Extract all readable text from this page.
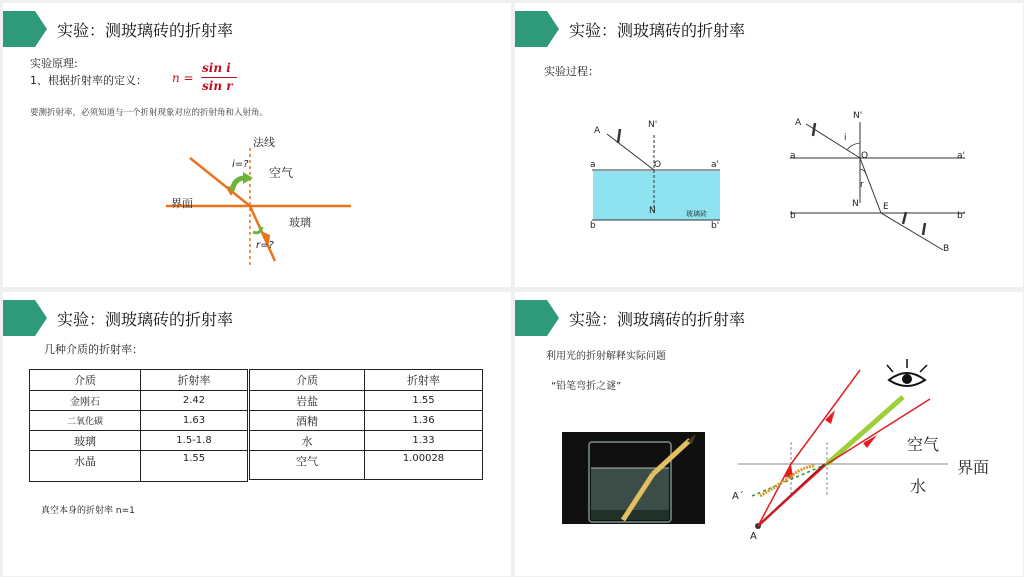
实验：测玻璃砖的折射率
实验原理:
1、根据折射率的定义： n =
sin i
sin r
要测折射率，必须知道与一个折射现象对应的折射角和入射角。
法线
i=?
空气
界面
玻璃
r=?
实验：测玻璃砖的折射率
实验过程：
A
N'
a	O	a'
N	玻璃砖
b	b'
A
N'
i
a	O	a'
r
N	E
b	b'
B
实验：测玻璃砖的折射率
几种介质的折射率：
介质	折射率
金刚石	2.42
二氧化碳	1.63
玻璃	1.5-1.8
水晶	1.55
介质	折射率
岩盐	1.55
酒精	1.36
水	1.33
空气	1.00028
真空本身的折射率 n=1
实验：测玻璃砖的折射率
利用光的折射解释实际问题
“铅笔弯折之谜”
空气
界面
水
A´
A
